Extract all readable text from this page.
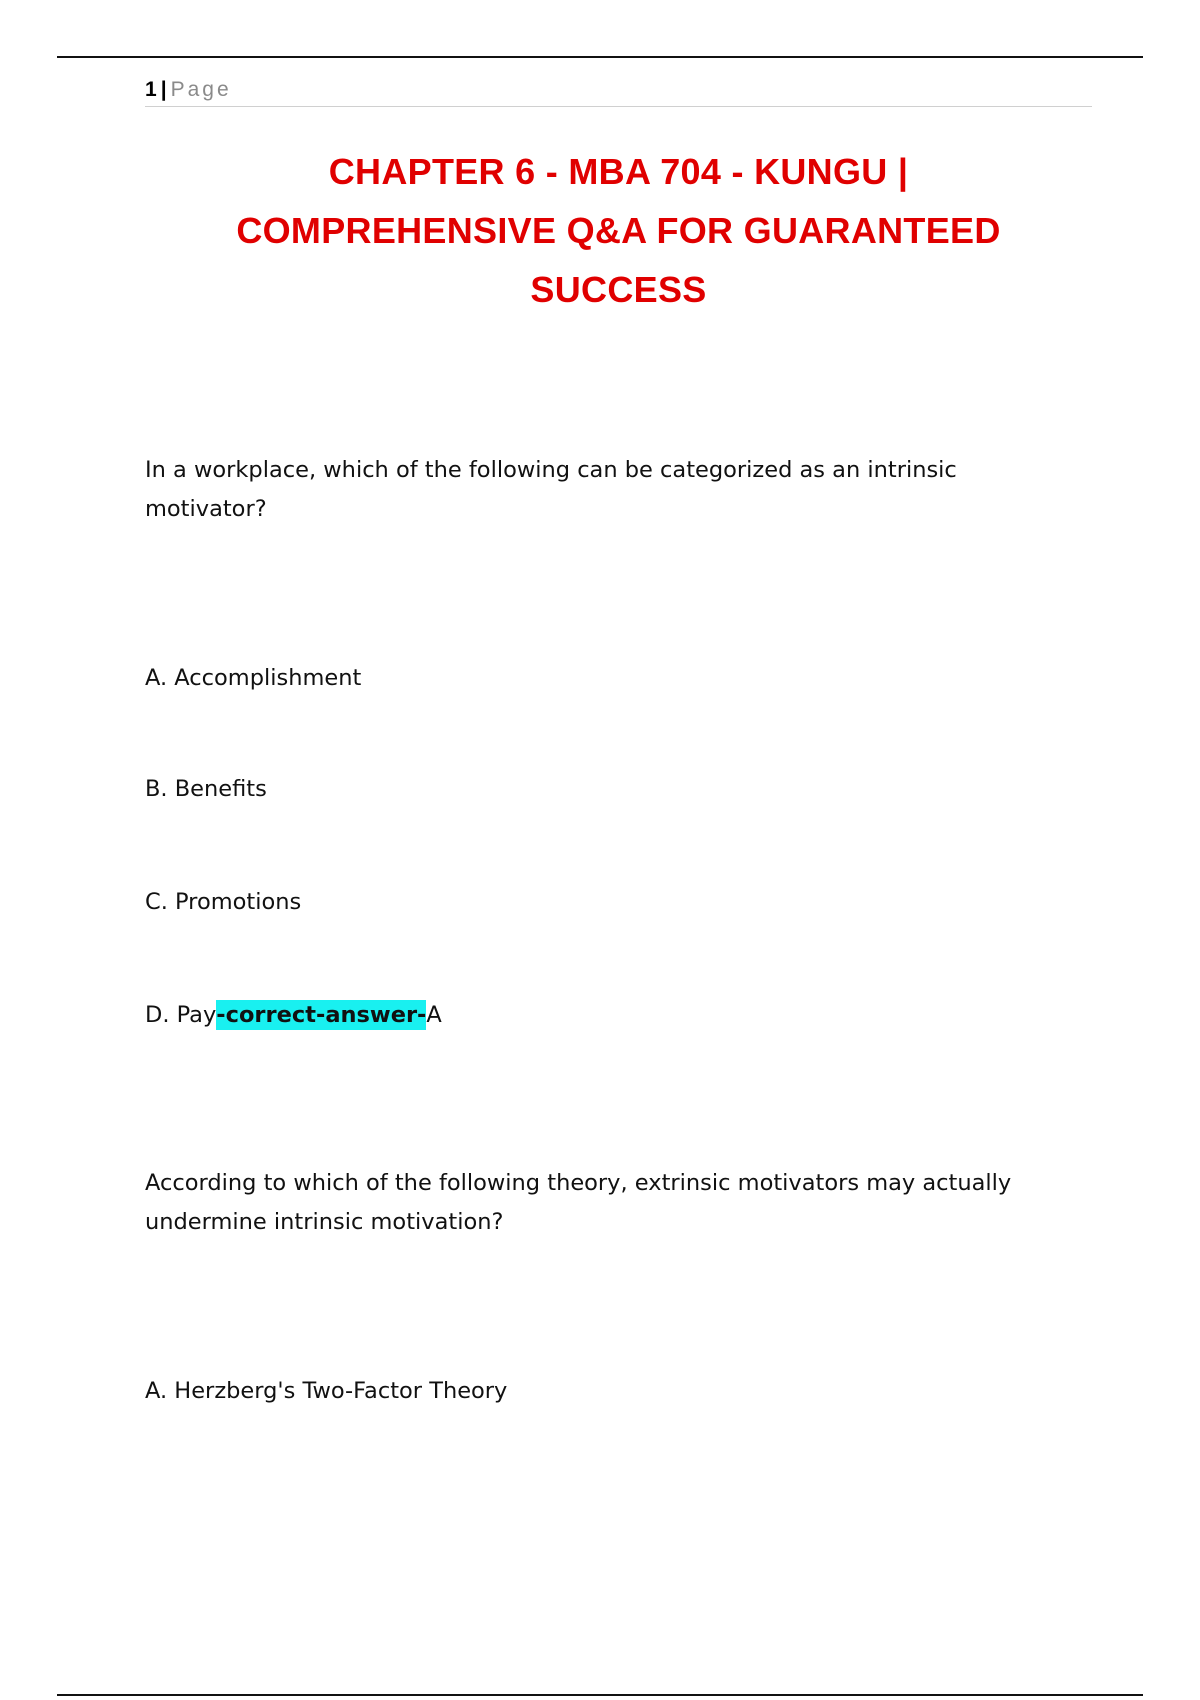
1 | Page
CHAPTER 6 - MBA 704 - KUNGU |
COMPREHENSIVE Q&A FOR GUARANTEED
SUCCESS
In a workplace, which of the following can be categorized as an intrinsic
motivator?
A. Accomplishment
B. Benefits
C. Promotions
D. Pay-correct-answer-A
According to which of the following theory, extrinsic motivators may actually
undermine intrinsic motivation?
A. Herzberg's Two-Factor Theory
